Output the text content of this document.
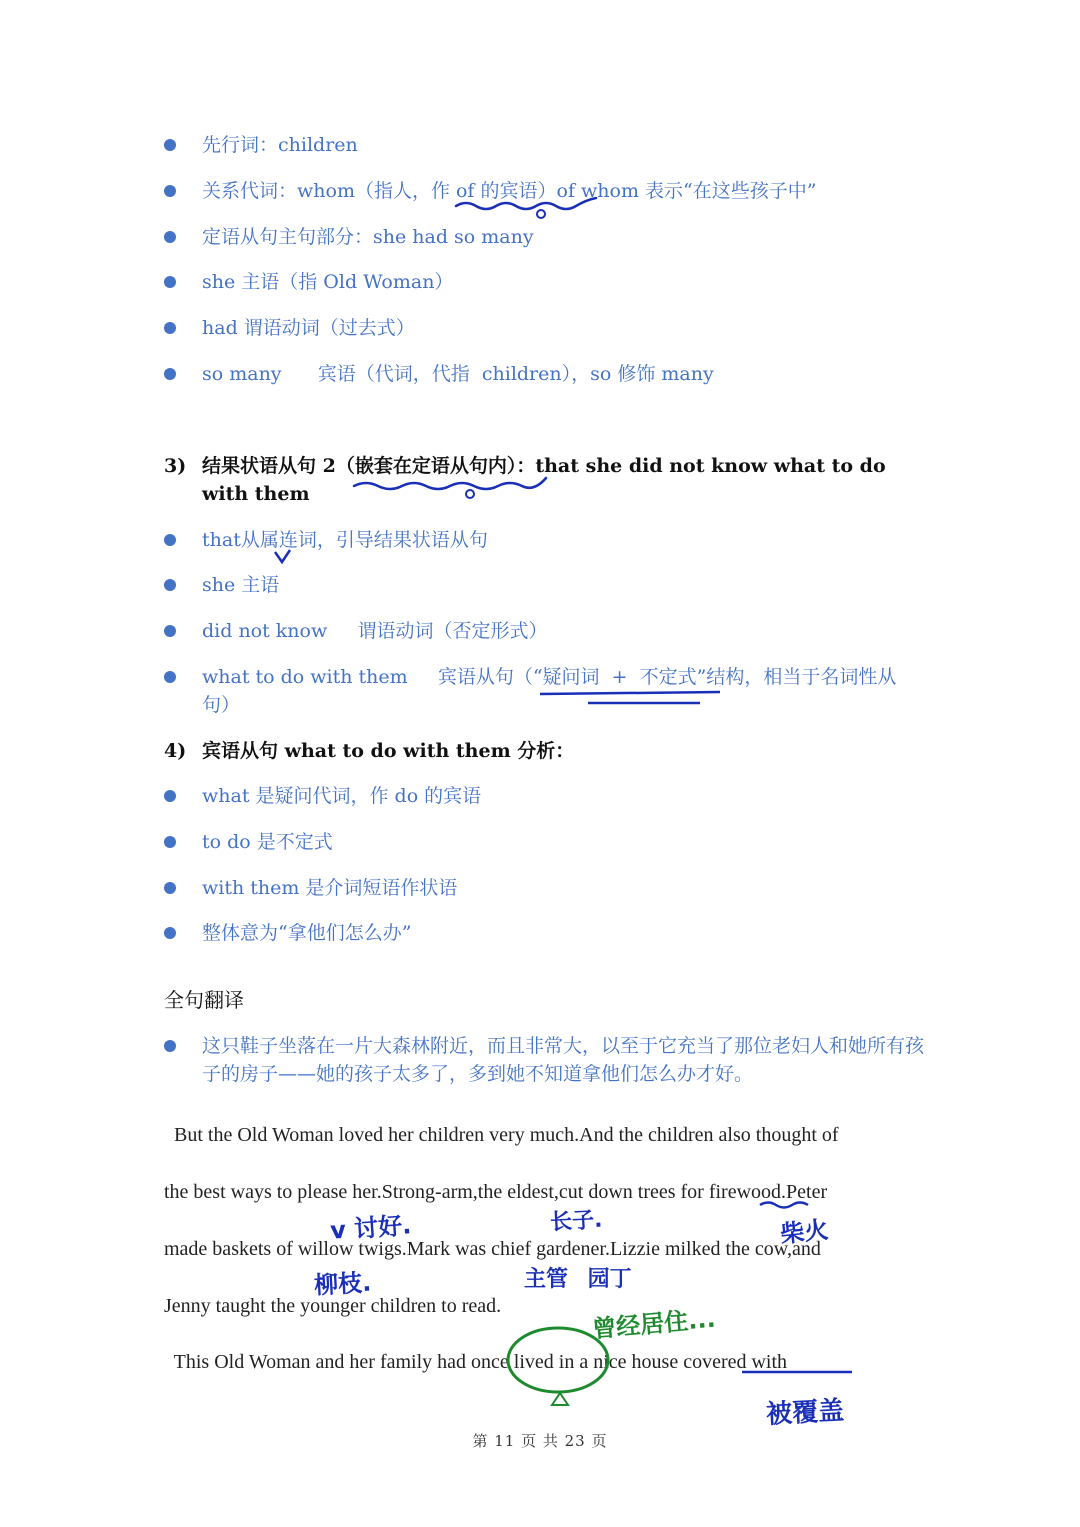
先行词：children
关系代词：whom（指人，作 of 的宾语）of whom 表示“在这些孩子中”
定语从句主句部分：she had so many
she 主语（指 Old Woman）
had 谓语动词（过去式）
so many      宾语（代词，代指  children），so 修饰 many
3) 结果状语从句 2（嵌套在定语从句内）：that she did not know what to do with them
that从属连词，引导结果状语从句
she 主语
did not know     谓语动词（否定形式）
what to do with them     宾语从句（“疑问词  +  不定式”结构，相当于名词性从句）
4) 宾语从句 what to do with them 分析：
what 是疑问代词，作 do 的宾语
to do 是不定式
with them 是介词短语作状语
整体意为“拿他们怎么办”
全句翻译
这只鞋子坐落在一片大森林附近，而且非常大，以至于它充当了那位老妇人和她所有孩子的房子——她的孩子太多了，多到她不知道拿他们怎么办才好。
But the Old Woman loved her children very much.And the children also thought of
the best ways to please her.Strong-arm,the eldest,cut down trees for firewood.Peter
made baskets of willow twigs.Mark was chief gardener.Lizzie milked the cow,and
Jenny taught the younger children to read.
This Old Woman and her family had once lived in a nice house covered with
v 讨好.	长子.	柴火
柳枝.	主管 园丁
曾经居住...
被覆盖
第 11 页 共 23 页
